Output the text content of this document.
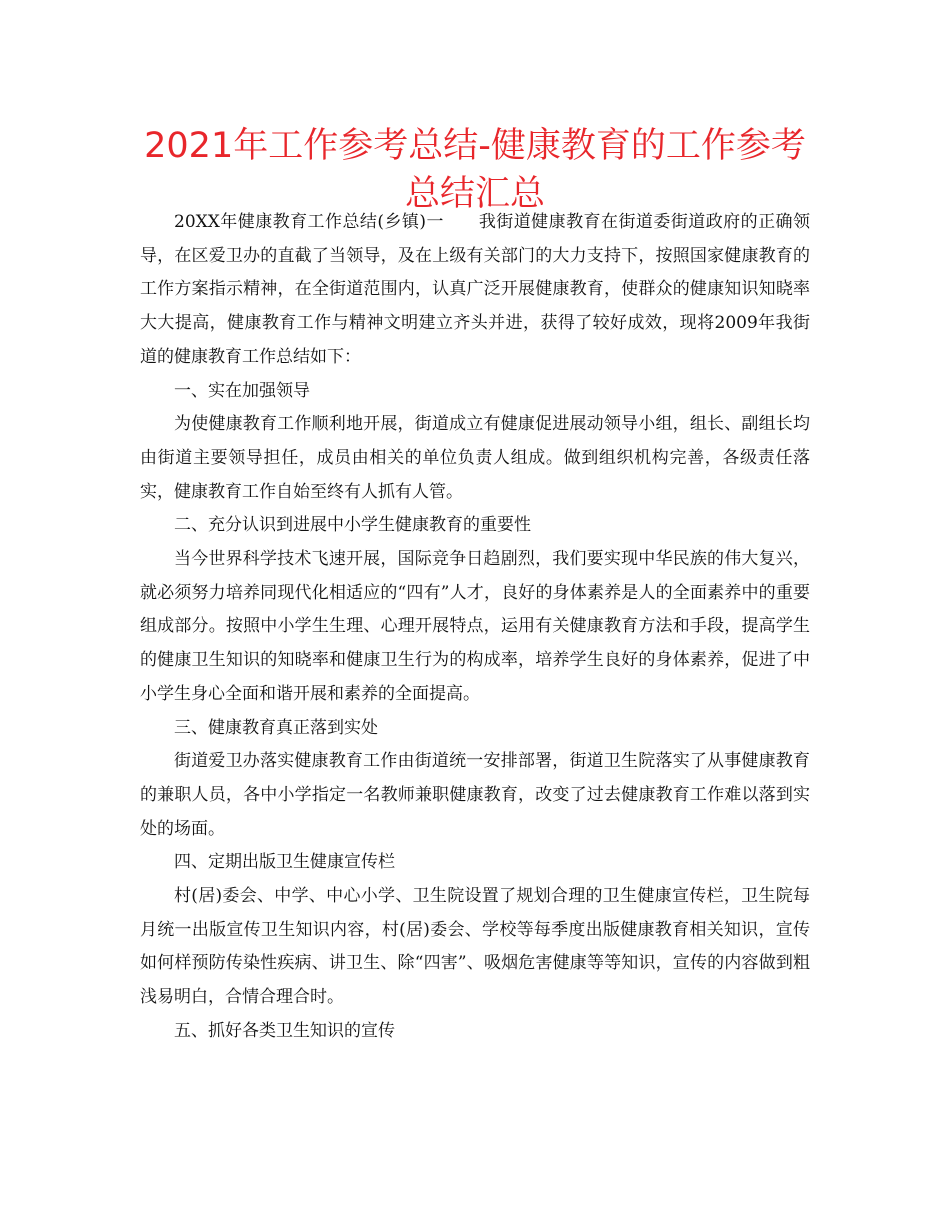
2021年工作参考总结-健康教育的工作参考总结汇总

20XX年健康教育工作总结(乡镇)一　　我街道健康教育在街道委街道政府的正确领导，在区爱卫办的直截了当领导，及在上级有关部门的大力支持下，按照国家健康教育的工作方案指示精神，在全街道范围内，认真广泛开展健康教育，使群众的健康知识知晓率大大提高，健康教育工作与精神文明建立齐头并进，获得了较好成效，现将2009年我街道的健康教育工作总结如下：

一、实在加强领导

为使健康教育工作顺利地开展，街道成立有健康促进展动领导小组，组长、副组长均由街道主要领导担任，成员由相关的单位负责人组成。做到组织机构完善，各级责任落实，健康教育工作自始至终有人抓有人管。

二、充分认识到进展中小学生健康教育的重要性

当今世界科学技术飞速开展，国际竞争日趋剧烈，我们要实现中华民族的伟大复兴，就必须努力培养同现代化相适应的“四有”人才，良好的身体素养是人的全面素养中的重要组成部分。按照中小学生生理、心理开展特点，运用有关健康教育方法和手段，提高学生的健康卫生知识的知晓率和健康卫生行为的构成率，培养学生良好的身体素养，促进了中小学生身心全面和谐开展和素养的全面提高。

三、健康教育真正落到实处

街道爱卫办落实健康教育工作由街道统一安排部署，街道卫生院落实了从事健康教育的兼职人员，各中小学指定一名教师兼职健康教育，改变了过去健康教育工作难以落到实处的场面。

四、定期出版卫生健康宣传栏

村(居)委会、中学、中心小学、卫生院设置了规划合理的卫生健康宣传栏，卫生院每月统一出版宣传卫生知识内容，村(居)委会、学校等每季度出版健康教育相关知识，宣传如何样预防传染性疾病、讲卫生、除“四害”、吸烟危害健康等等知识，宣传的内容做到粗浅易明白，合情合理合时。

五、抓好各类卫生知识的宣传
